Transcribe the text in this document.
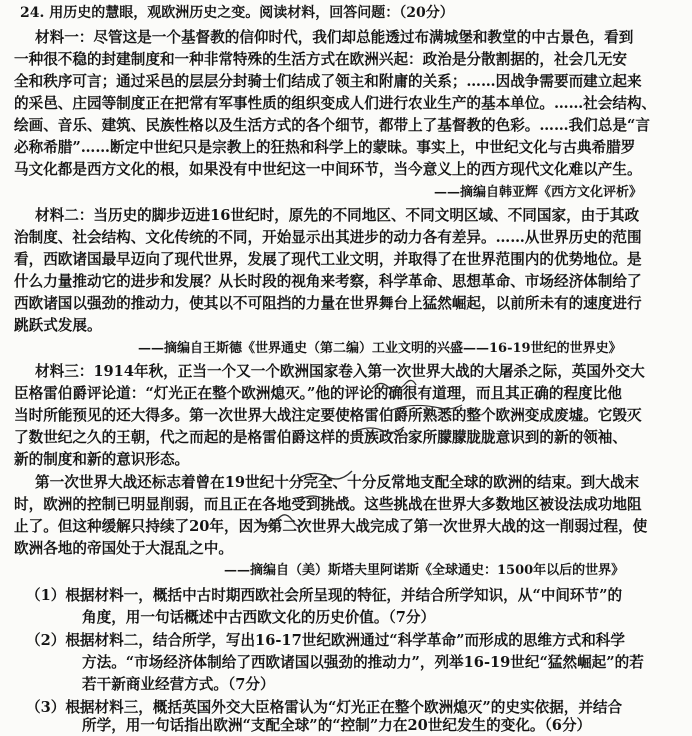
24. 用历史的慧眼，观欧洲历史之变。阅读材料，回答问题：（20分）

材料一：尽管这是一个基督教的信仰时代，我们却总能透过布满城堡和教堂的中古景色，看到

一种很不稳的封建制度和一种非常特殊的生活方式在欧洲兴起：政治是分散割据的，社会几无安

全和秩序可言；通过采邑的层层分封骑士们结成了领主和附庸的关系；……因战争需要而建立起来

的采邑、庄园等制度正在把常有军事性质的组织变成人们进行农业生产的基本单位。……社会结构、

绘画、音乐、建筑、民族性格以及生活方式的各个细节，都带上了基督教的色彩。……我们总是“言

必称希腊”……断定中世纪只是宗教上的狂热和科学上的蒙昧。事实上，中世纪文化与古典希腊罗

马文化都是西方文化的根，如果没有中世纪这一中间环节，当今意义上的西方现代文化难以产生。

——摘编自韩亚辉《西方文化评析》

材料二：当历史的脚步迈进16世纪时，原先的不同地区、不同文明区域、不同国家，由于其政

治制度、社会结构、文化传统的不同，开始显示出其进步的动力各有差异。……从世界历史的范围

看，西欧诸国最早迈向了现代世界，发展了现代工业文明，并取得了在世界范围内的优势地位。是

什么力量推动它的进步和发展？从长时段的视角来考察，科学革命、思想革命、市场经济体制给了

西欧诸国以强劲的推动力，使其以不可阻挡的力量在世界舞台上猛然崛起，以前所未有的速度进行

跳跃式发展。

——摘编自王斯德《世界通史（第二编）工业文明的兴盛——16-19世纪的世界史》

材料三：1914年秋，正当一个又一个欧洲国家卷入第一次世界大战的大屠杀之际，英国外交大

臣格雷伯爵评论道：“灯光正在整个欧洲熄灭。”他的评论的确很有道理，而且其正确的程度比他

当时所能预见的还大得多。第一次世界大战注定要使格雷伯爵所熟悉的整个欧洲变成废墟。它毁灭

了数世纪之久的王朝，代之而起的是格雷伯爵这样的贵族政治家所朦朦胧胧意识到的新的领袖、

新的制度和新的意识形态。

第一次世界大战还标志着曾在19世纪十分完全、十分反常地支配全球的欧洲的结束。到大战末

时，欧洲的控制已明显削弱，而且正在各地受到挑战。这些挑战在世界大多数地区被设法成功地阻

止了。但这种缓解只持续了20年，因为第二次世界大战完成了第一次世界大战的这一削弱过程，使

欧洲各地的帝国处于大混乱之中。

——摘编自（美）斯塔夫里阿诺斯《全球通史：1500年以后的世界》

（1）根据材料一，概括中古时期西欧社会所呈现的特征，并结合所学知识，从“中间环节”的

角度，用一句话概述中古西欧文化的历史价值。（7分）

（2）根据材料二，结合所学，写出16-17世纪欧洲通过“科学革命”而形成的思维方式和科学

方法。“市场经济体制给了西欧诸国以强劲的推动力”，列举16-19世纪“猛然崛起”的若

若干新商业经营方式。（7分）

（3）根据材料三，概括英国外交大臣格雷认为“灯光正在整个欧洲熄灭”的史实依据，并结合

所学，用一句话指出欧洲“支配全球”的“控制”力在20世纪发生的变化。（6分）
